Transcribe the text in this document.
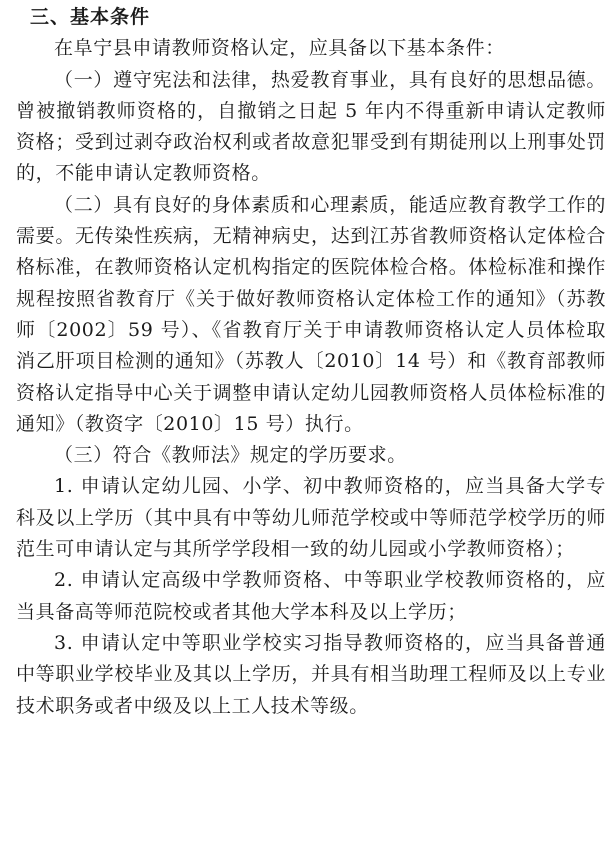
三、基本条件

在阜宁县申请教师资格认定，应具备以下基本条件：

（一）遵守宪法和法律，热爱教育事业，具有良好的思想品德。曾被撤销教师资格的，自撤销之日起 5 年内不得重新申请认定教师资格；受到过剥夺政治权利或者故意犯罪受到有期徒刑以上刑事处罚的，不能申请认定教师资格。

（二）具有良好的身体素质和心理素质，能适应教育教学工作的需要。无传染性疾病，无精神病史，达到江苏省教师资格认定体检合格标准，在教师资格认定机构指定的医院体检合格。体检标准和操作规程按照省教育厅《关于做好教师资格认定体检工作的通知》（苏教师〔2002〕59 号）、《省教育厅关于申请教师资格认定人员体检取消乙肝项目检测的通知》（苏教人〔2010〕14 号）和《教育部教师资格认定指导中心关于调整申请认定幼儿园教师资格人员体检标准的通知》（教资字〔2010〕15 号）执行。

（三）符合《教师法》规定的学历要求。

1. 申请认定幼儿园、小学、初中教师资格的，应当具备大学专科及以上学历（其中具有中等幼儿师范学校或中等师范学校学历的师范生可申请认定与其所学学段相一致的幼儿园或小学教师资格）；

2. 申请认定高级中学教师资格、中等职业学校教师资格的，应当具备高等师范院校或者其他大学本科及以上学历；

3. 申请认定中等职业学校实习指导教师资格的，应当具备普通中等职业学校毕业及其以上学历，并具有相当助理工程师及以上专业技术职务或者中级及以上工人技术等级。
